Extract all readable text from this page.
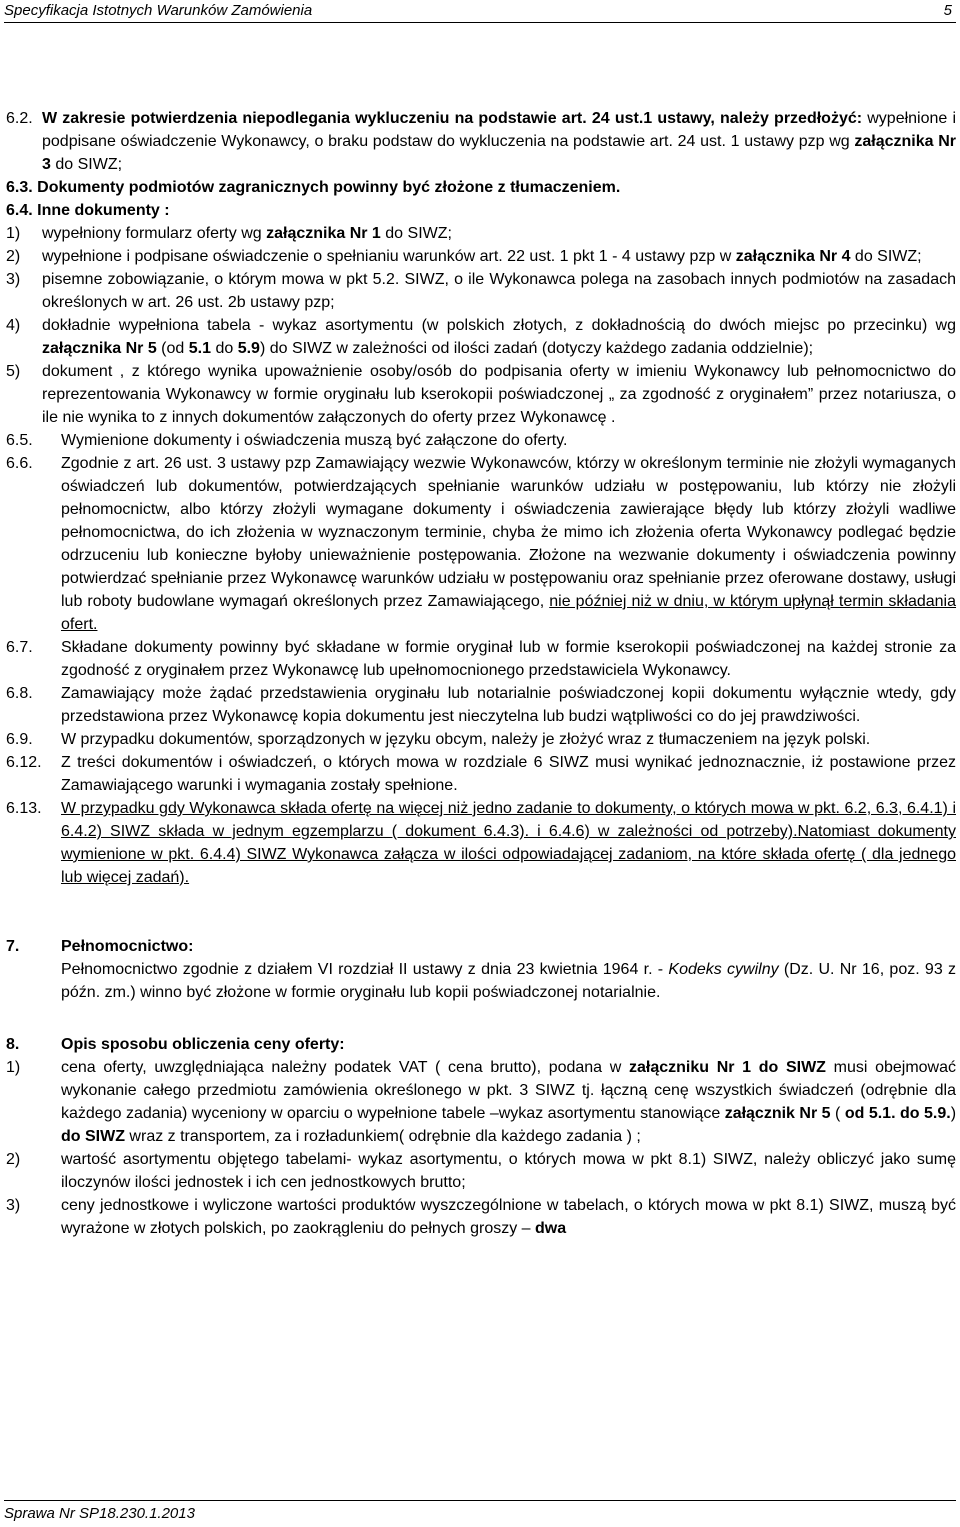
Specyfikacja Istotnych Warunków Zamówienia	5
6.2. W zakresie potwierdzenia niepodlegania wykluczeniu na podstawie art. 24 ust.1 ustawy, należy przedłożyć: wypełnione i podpisane oświadczenie Wykonawcy, o braku podstaw do wykluczenia na podstawie art. 24 ust. 1 ustawy pzp wg załącznika Nr 3 do SIWZ;

6.3. Dokumenty podmiotów zagranicznych powinny być złożone z tłumaczeniem.

6.4. Inne dokumenty :

1)	wypełniony formularz oferty wg załącznika Nr 1 do SIWZ;
2)	wypełnione i podpisane oświadczenie o spełnianiu warunków art. 22 ust. 1 pkt 1 - 4 ustawy pzp w załącznika Nr 4 do SIWZ;
3)	pisemne zobowiązanie, o którym mowa w pkt 5.2. SIWZ, o ile Wykonawca polega na zasobach innych podmiotów na zasadach określonych w art. 26 ust. 2b ustawy pzp;
4)	dokładnie wypełniona tabela - wykaz asortymentu (w polskich złotych, z dokładnością do dwóch miejsc po przecinku) wg załącznika Nr 5 (od 5.1 do 5.9) do SIWZ w zależności od ilości zadań (dotyczy każdego zadania oddzielnie);
5)	dokument , z którego wynika upoważnienie osoby/osób do podpisania oferty w imieniu Wykonawcy lub pełnomocnictwo do reprezentowania Wykonawcy w formie oryginału lub kserokopii poświadczonej „ za zgodność z oryginałem” przez notariusza, o ile nie wynika to z innych dokumentów załączonych do oferty przez Wykonawcę .
6.5.	Wymienione dokumenty i oświadczenia muszą być załączone do oferty.
6.6.	Zgodnie z art. 26 ust. 3 ustawy pzp Zamawiający wezwie Wykonawców, którzy w określonym terminie nie złożyli wymaganych oświadczeń lub dokumentów, potwierdzających spełnianie warunków udziału w postępowaniu, lub którzy nie złożyli pełnomocnictw, albo którzy złożyli wymagane dokumenty i oświadczenia zawierające błędy lub którzy złożyli wadliwe pełnomocnictwa, do ich złożenia w wyznaczonym terminie, chyba że mimo ich złożenia oferta Wykonawcy podlegać będzie odrzuceniu lub konieczne byłoby unieważnienie postępowania. Złożone na wezwanie dokumenty i oświadczenia powinny potwierdzać spełnianie przez Wykonawcę warunków udziału w postępowaniu oraz spełnianie przez oferowane dostawy, usługi lub roboty budowlane wymagań określonych przez Zamawiającego, nie później niż w dniu, w którym upłynął termin składania ofert.
6.7.	Składane dokumenty powinny być składane w formie oryginał lub w formie kserokopii poświadczonej na każdej stronie za zgodność z oryginałem przez Wykonawcę lub upełnomocnionego przedstawiciela Wykonawcy.
6.8.	Zamawiający może żądać przedstawienia oryginału lub notarialnie poświadczonej kopii dokumentu wyłącznie wtedy, gdy przedstawiona przez Wykonawcę kopia dokumentu jest nieczytelna lub budzi wątpliwości co do jej prawdziwości.
6.9.	W przypadku dokumentów, sporządzonych w języku obcym, należy je złożyć wraz z tłumaczeniem na język polski.
6.12.	Z treści dokumentów i oświadczeń, o których mowa w rozdziale 6 SIWZ musi wynikać jednoznacznie, iż postawione przez Zamawiającego warunki i wymagania zostały spełnione.
6.13.	W przypadku gdy Wykonawca składa ofertę na więcej niż jedno zadanie to dokumenty, o których mowa w pkt. 6.2, 6.3, 6.4.1) i 6.4.2) SIWZ składa w jednym egzemplarzu ( dokument 6.4.3). i 6.4.6) w zależności od potrzeby).Natomiast dokumenty wymienione w pkt. 6.4.4) SIWZ Wykonawca załącza w ilości odpowiadającej zadaniom, na które składa ofertę ( dla jednego lub więcej zadań).
7.	Pełnomocnictwo:
Pełnomocnictwo zgodnie z działem VI rozdział II ustawy z dnia 23 kwietnia 1964 r. - Kodeks cywilny (Dz. U. Nr 16, poz. 93 z późn. zm.) winno być złożone w formie oryginału lub kopii poświadczonej notarialnie.
8.	Opis sposobu obliczenia ceny oferty:
1)	cena oferty, uwzględniająca należny podatek VAT ( cena brutto), podana w załączniku Nr 1 do SIWZ musi obejmować wykonanie całego przedmiotu zamówienia określonego w pkt. 3 SIWZ tj. łączną cenę wszystkich świadczeń (odrębnie dla każdego zadania) wyceniony w oparciu o wypełnione tabele –wykaz asortymentu stanowiące załącznik Nr 5 ( od 5.1. do 5.9.) do SIWZ wraz z transportem, za i rozładunkiem( odrębnie dla każdego zadania ) ;
2)	wartość asortymentu objętego tabelami- wykaz asortymentu, o których mowa w pkt 8.1) SIWZ, należy obliczyć jako sumę iloczynów ilości jednostek i ich cen jednostkowych brutto;
3)	ceny jednostkowe i wyliczone wartości produktów wyszczególnione w tabelach, o których mowa w pkt 8.1) SIWZ, muszą być wyrażone w złotych polskich, po zaokrągleniu do pełnych groszy – dwa
Sprawa Nr SP18.230.1.2013
